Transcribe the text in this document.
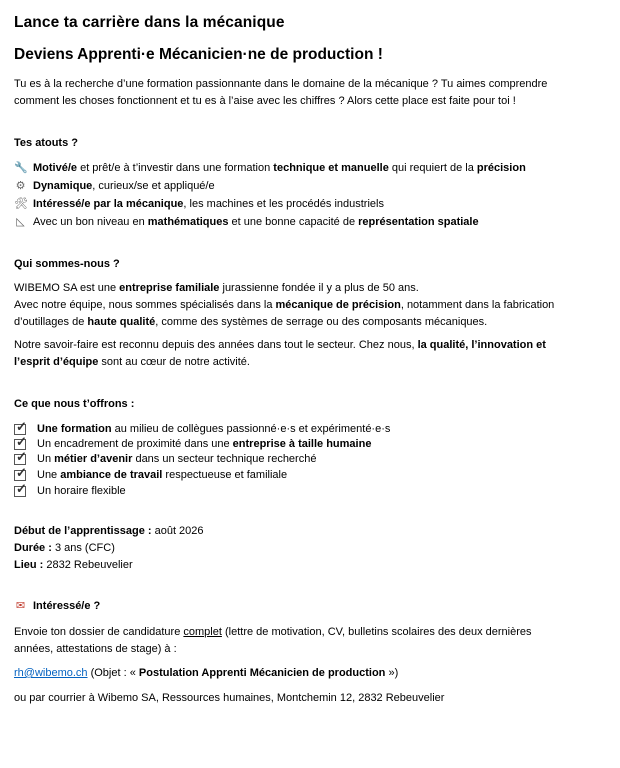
Lance ta carrière dans la mécanique
Deviens Apprenti·e Mécanicien·ne de production !
Tu es à la recherche d’une formation passionnante dans le domaine de la mécanique ? Tu aimes comprendre
comment les choses fonctionnent et tu es à l’aise avec les chiffres ? Alors cette place est faite pour toi !
Tes atouts ?
🔧 Motivé/e et prêt/e à t’investir dans une formation technique et manuelle qui requiert de la précision
⚙ Dynamique, curieux/se et appliqué/e
🛠 Intéressé/e par la mécanique, les machines et les procédés industriels
◺ Avec un bon niveau en mathématiques et une bonne capacité de représentation spatiale
Qui sommes-nous ?
WIBEMO SA est une entreprise familiale jurassienne fondée il y a plus de 50 ans.
Avec notre équipe, nous sommes spécialisés dans la mécanique de précision, notamment dans la fabrication
d’outillages de haute qualité, comme des systèmes de serrage ou des composants mécaniques.
Notre savoir-faire est reconnu depuis des années dans tout le secteur. Chez nous, la qualité, l’innovation et
l’esprit d’équipe sont au cœur de notre activité.
Ce que nous t’offrons :
✓ Une formation au milieu de collègues passionné·e·s et expérimenté·e·s
✓ Un encadrement de proximité dans une entreprise à taille humaine
✓ Un métier d’avenir dans un secteur technique recherché
✓ Une ambiance de travail respectueuse et familiale
✓ Un horaire flexible
Début de l’apprentissage : août 2026
Durée : 3 ans (CFC)
Lieu : 2832 Rebeuvelier
✉ Intéressé/e ?
Envoie ton dossier de candidature complet (lettre de motivation, CV, bulletins scolaires des deux dernières
années, attestations de stage) à :
rh@wibemo.ch (Objet : « Postulation Apprenti Mécanicien de production »)
ou par courrier à Wibemo SA, Ressources humaines, Montchemin 12, 2832 Rebeuvelier
